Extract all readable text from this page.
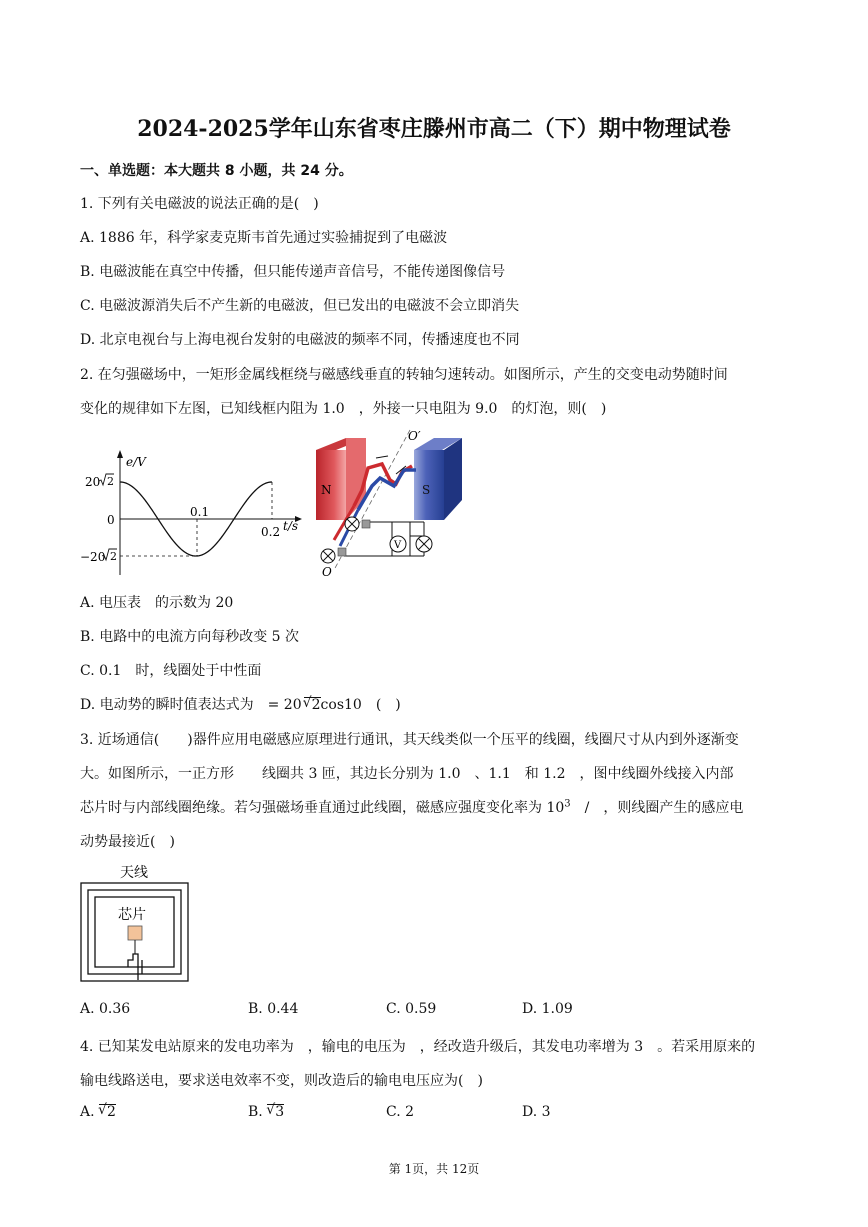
2024-2025学年山东省枣庄滕州市高二（下）期中物理试卷
一、单选题：本大题共 8 小题，共 24 分。
1. 下列有关电磁波的说法正确的是(　)
A. 1886 年，科学家麦克斯韦首先通过实验捕捉到了电磁波
B. 电磁波能在真空中传播，但只能传递声音信号，不能传递图像信号
C. 电磁波源消失后不产生新的电磁波，但已发出的电磁波不会立即消失
D. 北京电视台与上海电视台发射的电磁波的频率不同，传播速度也不同
2. 在匀强磁场中，一矩形金属线框绕与磁感线垂直的转轴匀速转动。如图所示，产生的交变电动势随时间
变化的规律如下左图，已知线框内阻为 1.0　，外接一只电阻为 9.0　的灯泡，则(　)
e/V
20 2
0
−20 2
0.1
0.2 t/s
V
N	S
O′
O
A. 电压表　的示数为 20
B. 电路中的电流方向每秒改变 5 次
C. 0.1　时，线圈处于中性面
D. 电动势的瞬时值表达式为　= 20 √ 2cos10　(　)
3. 近场通信(　　)器件应用电磁感应原理进行通讯，其天线类似一个压平的线圈，线圈尺寸从内到外逐渐变
大。如图所示，一正方形　　线圈共 3 匝，其边长分别为 1.0　、1.1　和 1.2　，图中线圈外线接入内部
芯片时与内部线圈绝缘。若匀强磁场垂直通过此线圈，磁感应强度变化率为 $10^3$　/　，则线圈产生的感应电
动势最接近(　)
天线
芯片
A. 0.36	B. 0.44	C. 0.59	D. 1.09
4. 已知某发电站原来的发电功率为　，输电的电压为　，经改造升级后，其发电功率增为 3　。若采用原来的
输电线路送电，要求送电效率不变，则改造后的输电电压应为(　)
A. √ 2	B. √ 3	C. 2	D. 3
第 1页，共 12页
